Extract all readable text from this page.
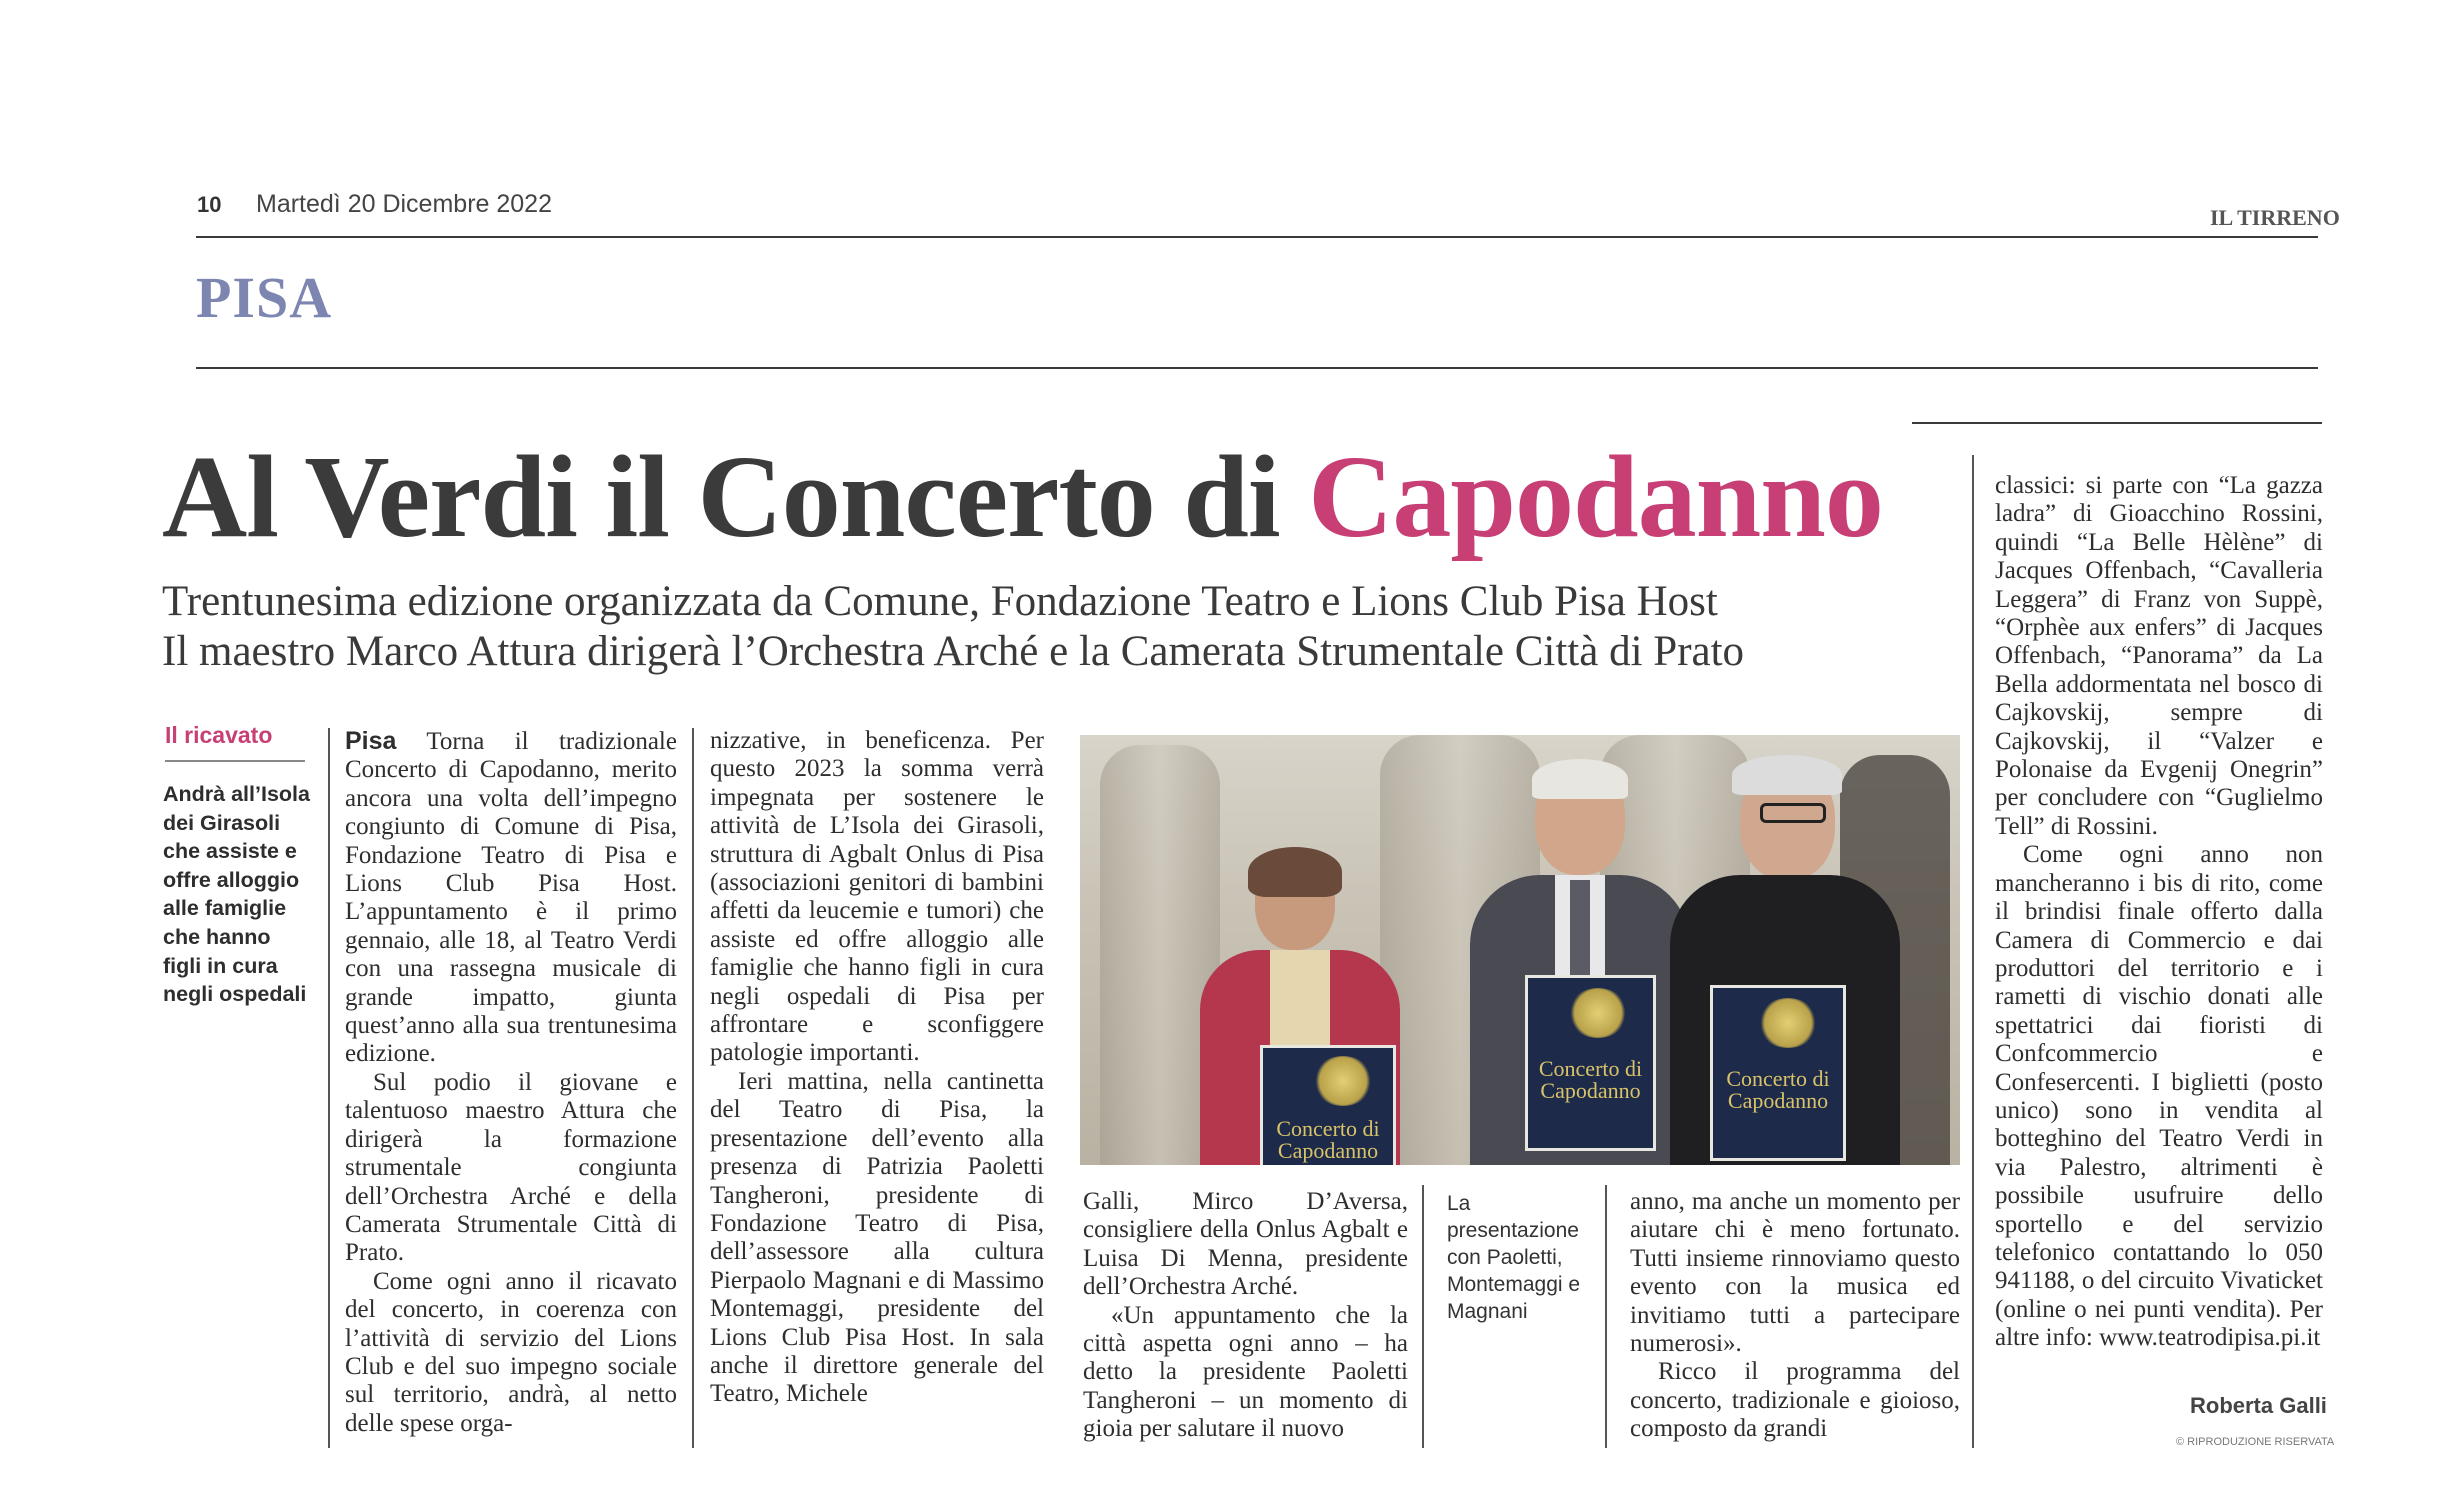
10 Martedì 20 Dicembre 2022	IL TIRRENO
PISA
Al Verdi il Concerto di Capodanno
Trentunesima edizione organizzata da Comune, Fondazione Teatro e Lions Club Pisa Host
Il maestro Marco Attura dirigerà l’Orchestra Arché e la Camerata Strumentale Città di Prato
Il ricavato
Andrà all’Isola dei Girasoli che assiste e offre alloggio alle famiglie che hanno figli in cura negli ospedali

Pisa Torna il tradizionale Concerto di Capodanno, merito ancora una volta dell’impegno congiunto di Comune di Pisa, Fondazione Teatro di Pisa e Lions Club Pisa Host. L’appuntamento è il primo gennaio, alle 18, al Teatro Verdi con una rassegna musicale di grande impatto, giunta quest’anno alla sua trentunesima edizione.

Sul podio il giovane e talentuoso maestro Attura che dirigerà la formazione strumentale congiunta dell’Orchestra Arché e della Camerata Strumentale Città di Prato.

Come ogni anno il ricavato del concerto, in coerenza con l’attività di servizio del Lions Club e del suo impegno sociale sul territorio, andrà, al netto delle spese orga-

nizzative, in beneficenza. Per questo 2023 la somma verrà impegnata per sostenere le attività de L’Isola dei Girasoli, struttura di Agbalt Onlus di Pisa (associazioni genitori di bambini affetti da leucemie e tumori) che assiste ed offre alloggio alle famiglie che hanno figli in cura negli ospedali di Pisa per affrontare e sconfiggere patologie importanti.

Ieri mattina, nella cantinetta del Teatro di Pisa, la presentazione dell’evento alla presenza di Patrizia Paoletti Tangheroni, presidente di Fondazione Teatro di Pisa, dell’assessore alla cultura Pierpaolo Magnani e di Massimo Montemaggi, presidente del Lions Club Pisa Host. In sala anche il direttore generale del Teatro, Michele

Concerto di Capodanno
Concerto di Capodanno	Concerto di Capodanno

Galli, Mirco D’Aversa, consigliere della Onlus Agbalt e Luisa Di Menna, presidente dell’Orchestra Arché.

«Un appuntamento che la città aspetta ogni anno – ha detto la presidente Paoletti Tangheroni – un momento di gioia per salutare il nuovo

La presentazione con Paoletti, Montemaggi e Magnani

anno, ma anche un momento per aiutare chi è meno fortunato. Tutti insieme rinnoviamo questo evento con la musica ed invitiamo tutti a partecipare numerosi».

Ricco il programma del concerto, tradizionale e gioioso, composto da grandi

classici: si parte con “La gazza ladra” di Gioacchino Rossini, quindi “La Belle Hèlène” di Jacques Offenbach, “Cavalleria Leggera” di Franz von Suppè, “Orphèe aux enfers” di Jacques Offenbach, “Panorama” da La Bella addormentata nel bosco di Cajkovskij, sempre di Cajkovskij, il “Valzer e Polonaise da Evgenij Onegrin” per concludere con “Guglielmo Tell” di Rossini.

Come ogni anno non mancheranno i bis di rito, come il brindisi finale offerto dalla Camera di Commercio e dai produttori del territorio e i rametti di vischio donati alle spettatrici dai fioristi di Confcommercio e Confesercenti. I biglietti (posto unico) sono in vendita al botteghino del Teatro Verdi in via Palestro, altrimenti è possibile usufruire dello sportello e del servizio telefonico contattando lo 050 941188, o del circuito Vivaticket (online o nei punti vendita). Per altre info: www.teatrodipisa.pi.it

Roberta Galli
© RIPRODUZIONE RISERVATA
